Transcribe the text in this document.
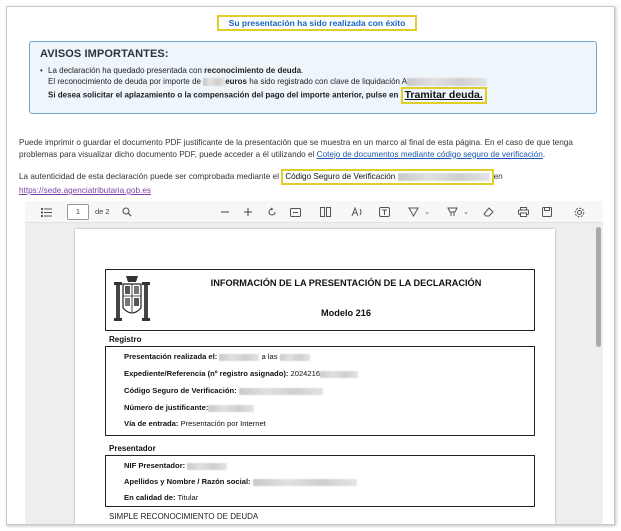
Su presentación ha sido realizada con éxito
AVISOS IMPORTANTES:
• La declaración ha quedado presentada con reconocimiento de deuda.
El reconocimiento de deuda por importe de	euros ha sido registrado con clave de liquidación A
Si desea solicitar el aplazamiento o la compensación del pago del importe anterior, pulse en Tramitar deuda.
Puede imprimir o guardar el documento PDF justificante de la presentación que se muestra en un marco al final de esta página. En el caso de que tenga problemas para visualizar dicho documento PDF, puede acceder a él utilizando el Cotejo de documentos mediante código seguro de verificación.
La autenticidad de esta declaración puede ser comprobada mediante el Código Seguro de Verificación	en
https://sede.agenciatributaria.gob.es
1	de 2	⌄	⌄
INFORMACIÓN DE LA PRESENTACIÓN DE LA DECLARACIÓN
Modelo 216
Registro
Presentación realizada el:	a las
Expediente/Referencia (nº registro asignado): 2024216
Código Seguro de Verificación:
Número de justificante:
Vía de entrada: Presentación por Internet
Presentador
NIF Presentador:
Apellidos y Nombre / Razón social:
En calidad de: Titular
SIMPLE RECONOCIMIENTO DE DEUDA
